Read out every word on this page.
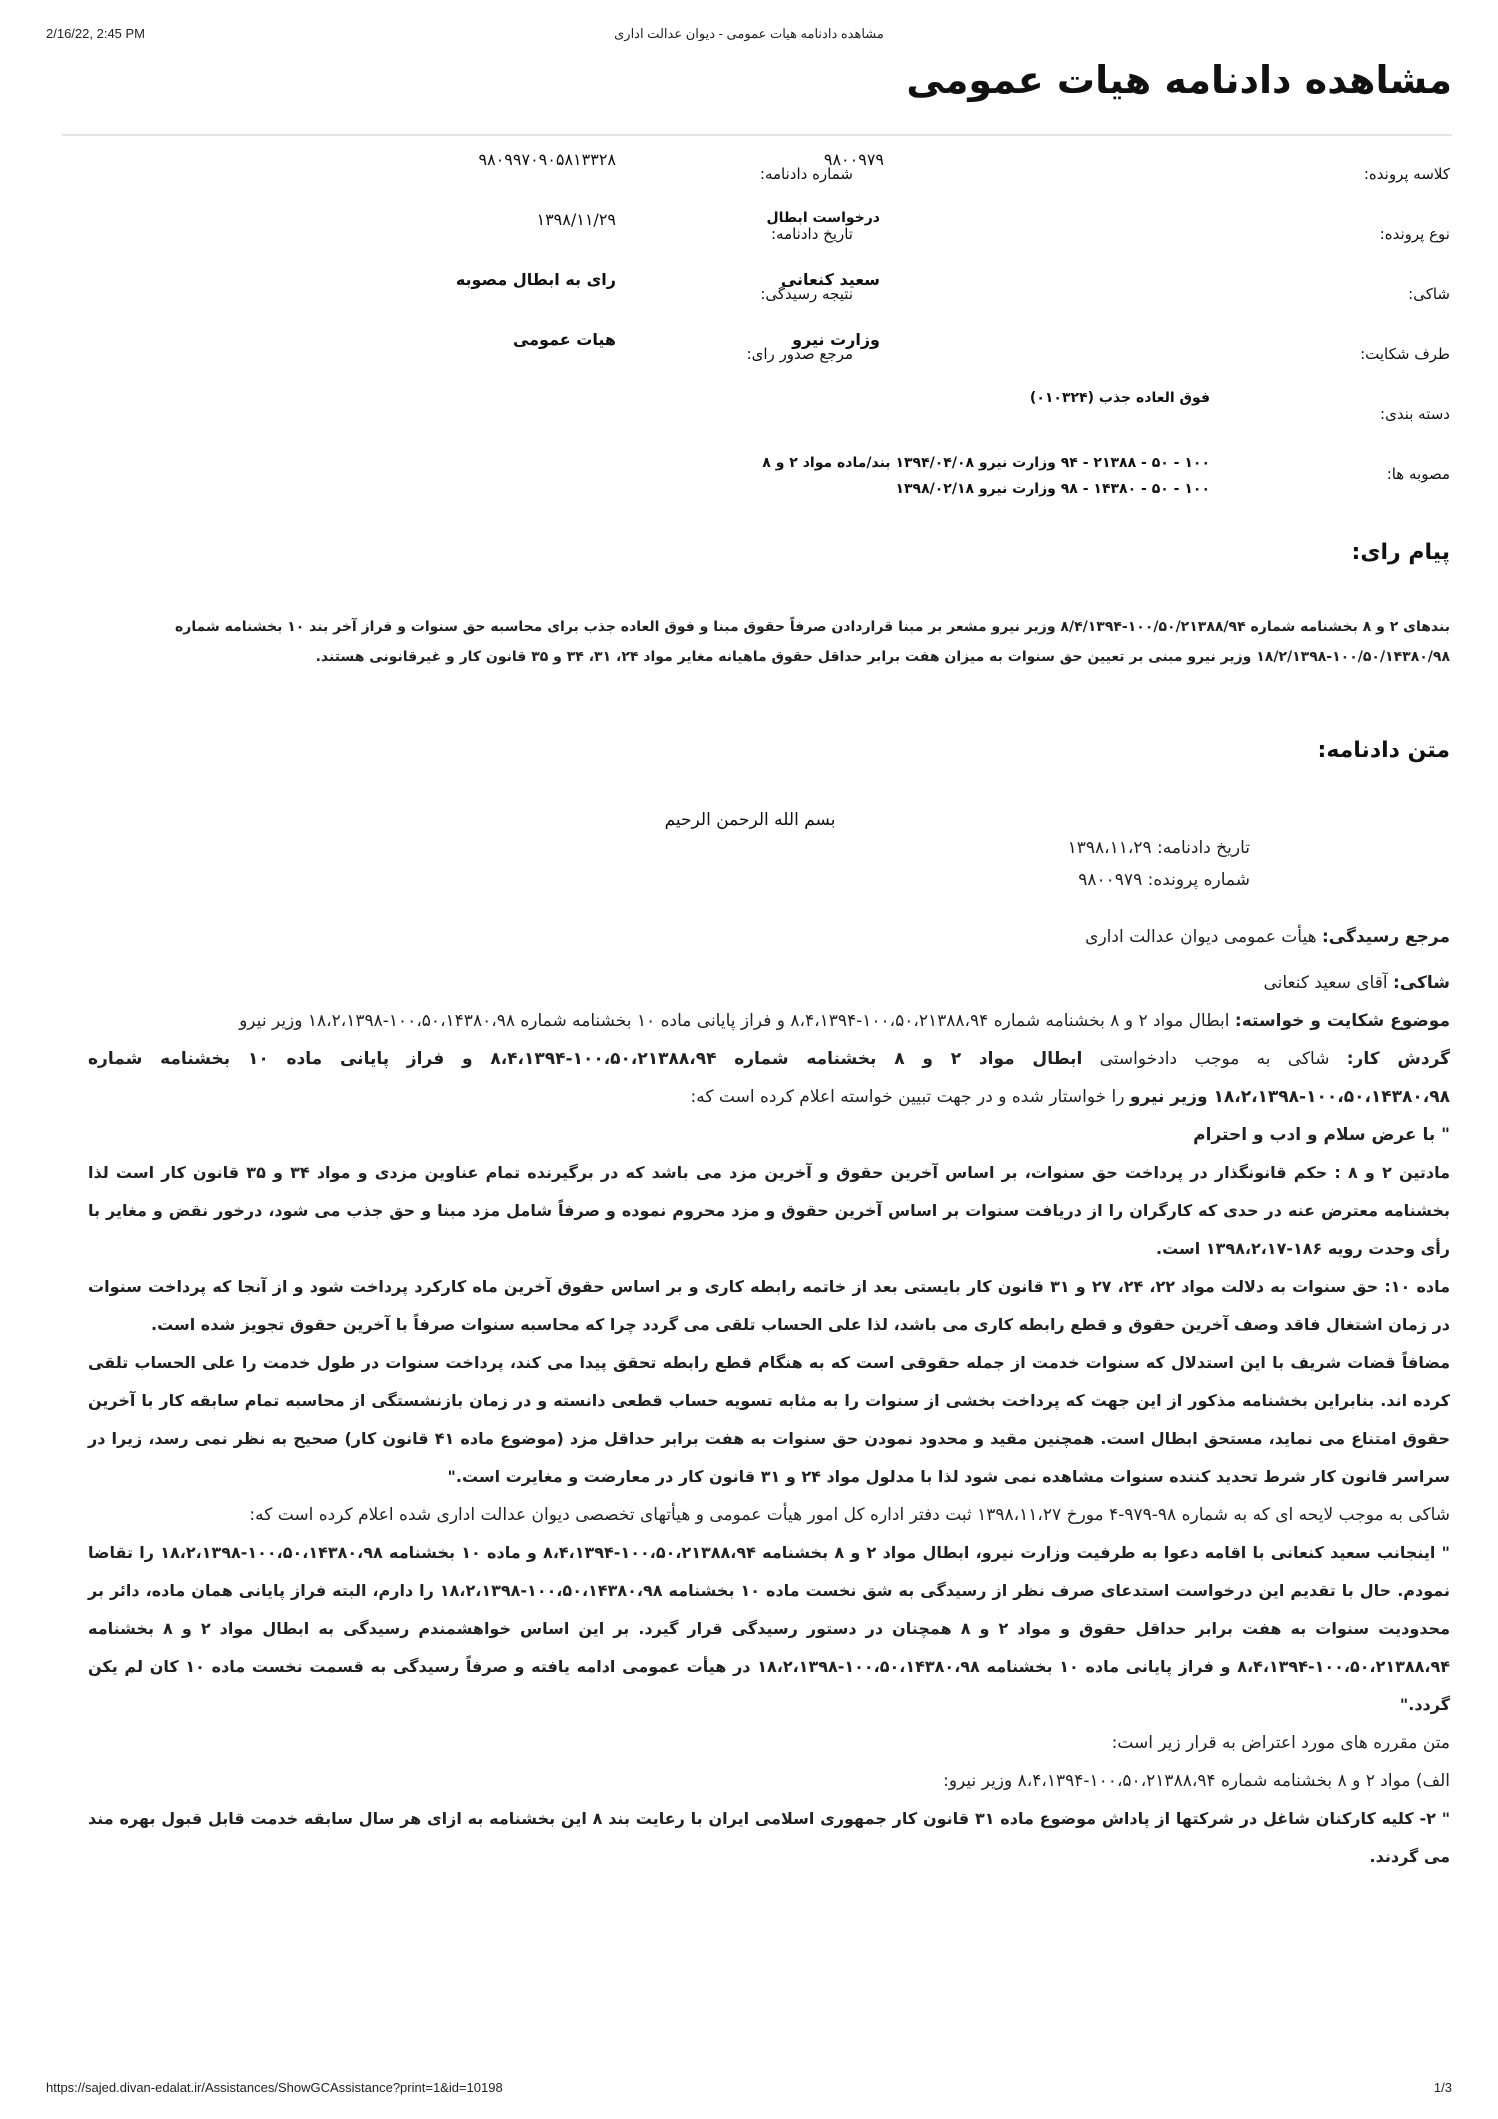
2/16/22, 2:45 PM	مشاهده دادنامه هیات عمومی - دیوان عدالت اداری
مشاهده دادنامه هیات عمومی
کلاسه پرونده:
۹۸۰۰۹۷۹
شماره دادنامه:
۹۸۰۹۹۷۰۹۰۵۸۱۳۳۲۸
نوع پرونده:
درخواست ابطال
تاریخ دادنامه:
۱۳۹۸/۱۱/۲۹
شاکی:
سعید کنعانی
نتیجه رسیدگی:
رای به ابطال مصوبه
طرف شکایت:
وزارت نیرو
مرجع صدور رای:
هیات عمومی
دسته بندی:
فوق العاده جذب (۰۱۰۳۲۴)
مصوبه ها:
۱۰۰ - ۵۰ - ۲۱۳۸۸ - ۹۴ وزارت نیرو ۱۳۹۴/۰۴/۰۸ بند/ماده مواد ۲ و ۸
۱۰۰ - ۵۰ - ۱۴۳۸۰ - ۹۸ وزارت نیرو ۱۳۹۸/۰۲/۱۸
پیام رای:
بندهای ۲ و ۸ بخشنامه شماره ۱۰۰/۵۰/۲۱۳۸۸/۹۴-۸/۴/۱۳۹۴ وزیر نیرو مشعر بر مبنا قراردادن صرفاً حقوق مبنا و فوق العاده جذب برای محاسبه حق سنوات و فراز آخر بند ۱۰ بخشنامه شماره ۱۰۰/۵۰/۱۴۳۸۰/۹۸-۱۸/۲/۱۳۹۸ وزیر نیرو مبنی بر تعیین حق سنوات به میزان هفت برابر حداقل حقوق ماهیانه مغایر مواد ۲۴، ۳۱، ۳۴ و ۳۵ قانون کار و غیرقانونی هستند.
متن دادنامه:
بسم الله الرحمن الرحیم
تاریخ دادنامه: ۱۳۹۸،۱۱،۲۹
شماره پرونده: ۹۸۰۰۹۷۹

مرجع رسیدگی: هیأت عمومی دیوان عدالت اداری

شاکی: آقای سعید کنعانی

موضوع شکایت و خواسته: ابطال مواد ۲ و ۸ بخشنامه شماره ۱۰۰،۵۰،۲۱۳۸۸،۹۴-۸،۴،۱۳۹۴ و فراز پایانی ماده ۱۰ بخشنامه شماره ۱۰۰،۵۰،۱۴۳۸۰،۹۸-۱۸،۲،۱۳۹۸ وزیر نیرو

گردش کار: شاکی به موجب دادخواستی ابطال مواد ۲ و ۸ بخشنامه شماره ۱۰۰،۵۰،۲۱۳۸۸،۹۴-۸،۴،۱۳۹۴ و فراز پایانی ماده ۱۰ بخشنامه شماره ۱۰۰،۵۰،۱۴۳۸۰،۹۸-۱۸،۲،۱۳۹۸ وزیر نیرو را خواستار شده و در جهت تبیین خواسته اعلام کرده است که:

" با عرض سلام و ادب و احترام

مادتین ۲ و ۸ : حکم قانونگذار در پرداخت حق سنوات، بر اساس آخرین حقوق و آخرین مزد می باشد که در برگیرنده تمام عناوین مزدی و مواد ۳۴ و ۳۵ قانون کار است لذا بخشنامه معترض عنه در حدی که کارگران را از دریافت سنوات بر اساس آخرین حقوق و مزد محروم نموده و صرفاً شامل مزد مبنا و حق جذب می شود، درخور نقض و مغایر با رأی وحدت رویه ۱۸۶-۱۳۹۸،۲،۱۷ است.

ماده ۱۰: حق سنوات به دلالت مواد ۲۲، ۲۴، ۲۷ و ۳۱ قانون کار بایستی بعد از خاتمه رابطه کاری و بر اساس حقوق آخرین ماه کارکرد پرداخت شود و از آنجا که پرداخت سنوات در زمان اشتغال فاقد وصف آخرین حقوق و قطع رابطه کاری می باشد، لذا علی الحساب تلقی می گردد چرا که محاسبه سنوات صرفاً با آخرین حقوق تجویز شده است.

مضافاً قضات شریف با این استدلال که سنوات خدمت از جمله حقوقی است که به هنگام قطع رابطه تحقق پیدا می کند، پرداخت سنوات در طول خدمت را علی الحساب تلقی کرده اند. بنابراین بخشنامه مذکور از این جهت که پرداخت بخشی از سنوات را به مثابه تسویه حساب قطعی دانسته و در زمان بازنشستگی از محاسبه تمام سابقه کار با آخرین حقوق امتناع می نماید، مستحق ابطال است. همچنین مقید و محدود نمودن حق سنوات به هفت برابر حداقل مزد (موضوع ماده ۴۱ قانون کار) صحیح به نظر نمی رسد، زیرا در سراسر قانون کار شرط تحدید کننده سنوات مشاهده نمی شود لذا با مدلول مواد ۲۴ و ۳۱ قانون کار در معارضت و مغایرت است."

شاکی به موجب لایحه ای که به شماره ۹۸-۹۷۹-۴ مورخ ۱۳۹۸،۱۱،۲۷ ثبت دفتر اداره کل امور هیأت عمومی و هیأتهای تخصصی دیوان عدالت اداری شده اعلام کرده است که:

" اینجانب سعید کنعانی با اقامه دعوا به طرفیت وزارت نیرو، ابطال مواد ۲ و ۸ بخشنامه ۱۰۰،۵۰،۲۱۳۸۸،۹۴-۸،۴،۱۳۹۴ و ماده ۱۰ بخشنامه ۱۰۰،۵۰،۱۴۳۸۰،۹۸-۱۸،۲،۱۳۹۸ را تقاضا نمودم. حال با تقدیم این درخواست استدعای صرف نظر از رسیدگی به شق نخست ماده ۱۰ بخشنامه ۱۰۰،۵۰،۱۴۳۸۰،۹۸-۱۸،۲،۱۳۹۸ را دارم، البته فراز پایانی همان ماده، دائر بر محدودیت سنوات به هفت برابر حداقل حقوق و مواد ۲ و ۸ همچنان در دستور رسیدگی قرار گیرد. بر این اساس خواهشمندم رسیدگی به ابطال مواد ۲ و ۸ بخشنامه ۱۰۰،۵۰،۲۱۳۸۸،۹۴-۸،۴،۱۳۹۴ و فراز پایانی ماده ۱۰ بخشنامه ۱۰۰،۵۰،۱۴۳۸۰،۹۸-۱۸،۲،۱۳۹۸ در هیأت عمومی ادامه یافته و صرفاً رسیدگی به قسمت نخست ماده ۱۰ کان لم یکن گردد."

متن مقرره های مورد اعتراض به قرار زیر است:

الف) مواد ۲ و ۸ بخشنامه شماره ۱۰۰،۵۰،۲۱۳۸۸،۹۴-۸،۴،۱۳۹۴ وزیر نیرو:

" ۲- کلیه کارکنان شاغل در شرکتها از پاداش موضوع ماده ۳۱ قانون کار جمهوری اسلامی ایران با رعایت بند ۸ این بخشنامه به ازای هر سال سابقه خدمت قابل قبول بهره مند می گردند.

https://sajed.divan-edalat.ir/Assistances/ShowGCAssistance?print=1&id=10198	1/3
